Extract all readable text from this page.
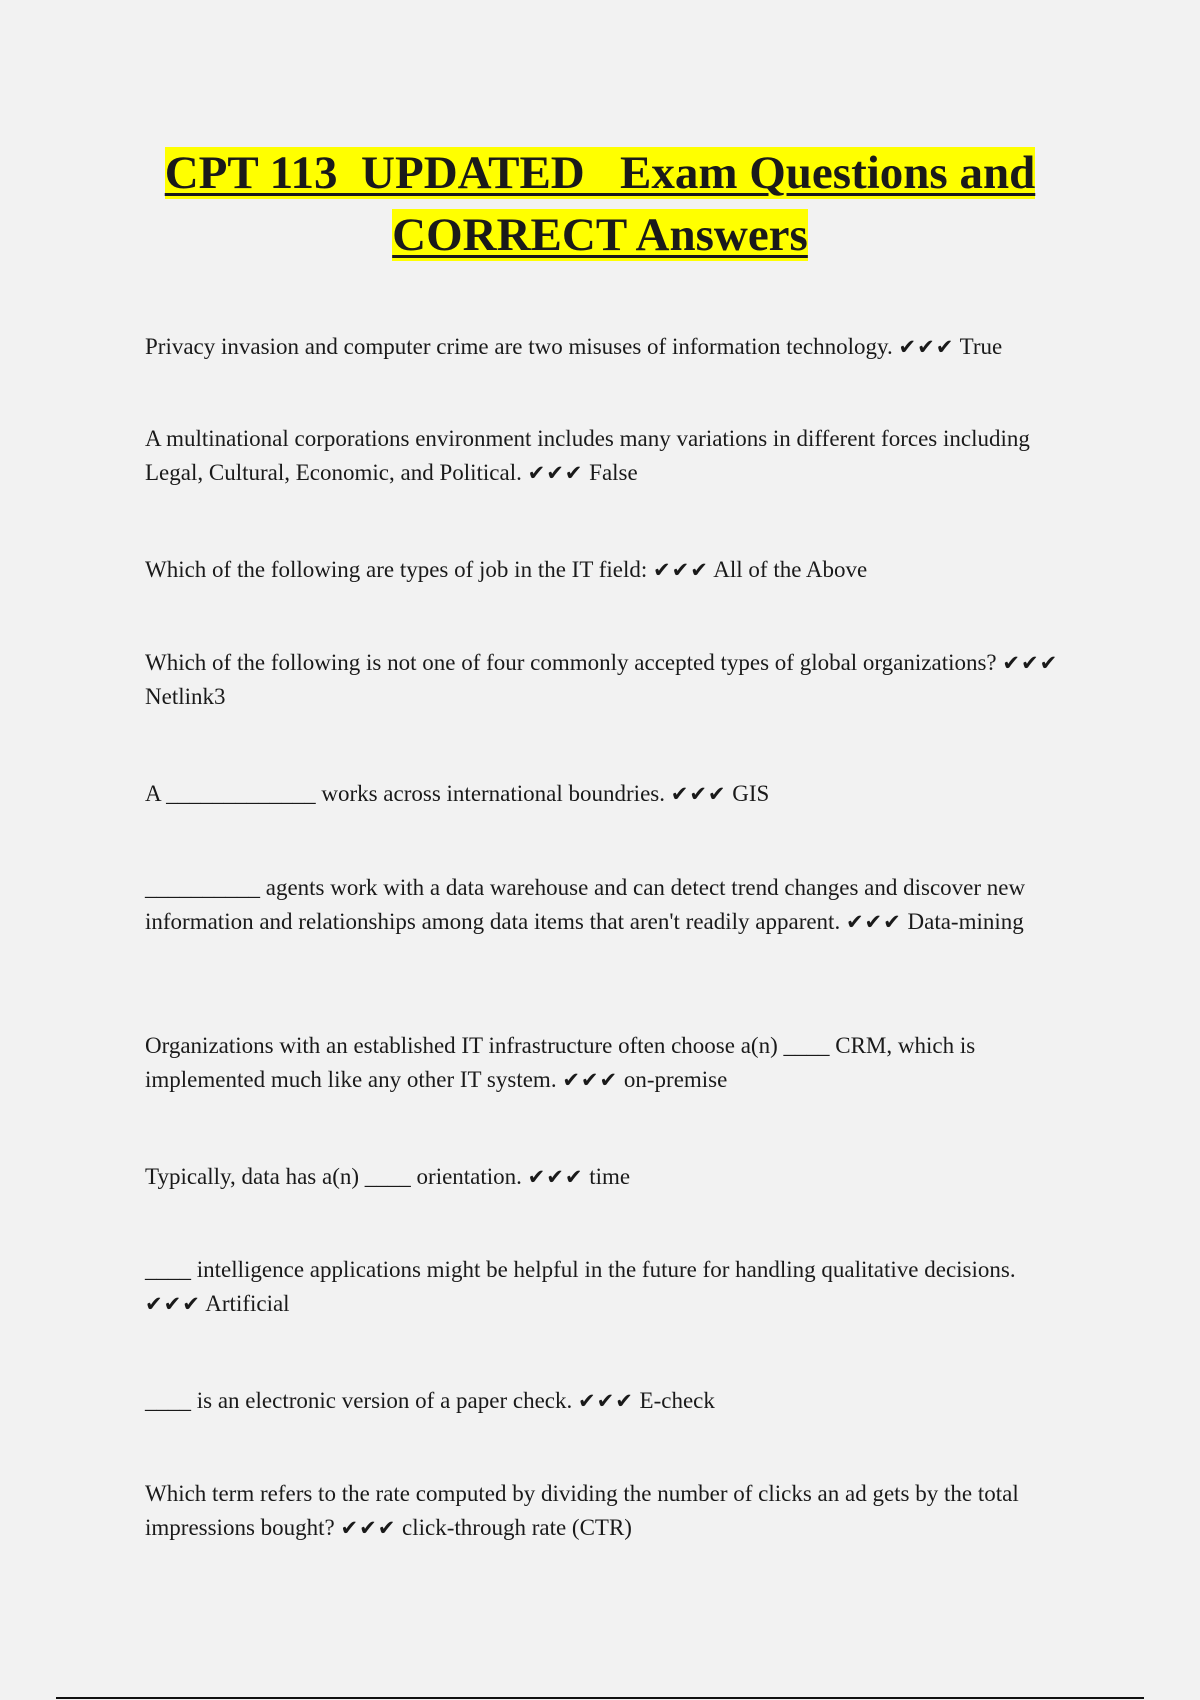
CPT 113  UPDATED   Exam Questions and
CORRECT Answers

Privacy invasion and computer crime are two misuses of information technology. ✔✔✔ True

A multinational corporations environment includes many variations in different forces including Legal, Cultural, Economic, and Political. ✔✔✔ False

Which of the following are types of job in the IT field: ✔✔✔ All of the Above

Which of the following is not one of four commonly accepted types of global organizations? ✔✔✔ Netlink3

A _____________ works across international boundries. ✔✔✔ GIS

__________ agents work with a data warehouse and can detect trend changes and discover new information and relationships among data items that aren't readily apparent. ✔✔✔ Data-mining

Organizations with an established IT infrastructure often choose a(n) ____ CRM, which is implemented much like any other IT system. ✔✔✔ on-premise

Typically, data has a(n) ____ orientation. ✔✔✔ time

____ intelligence applications might be helpful in the future for handling qualitative decisions. ✔✔✔ Artificial

____ is an electronic version of a paper check. ✔✔✔ E-check

Which term refers to the rate computed by dividing the number of clicks an ad gets by the total impressions bought? ✔✔✔ click-through rate (CTR)
